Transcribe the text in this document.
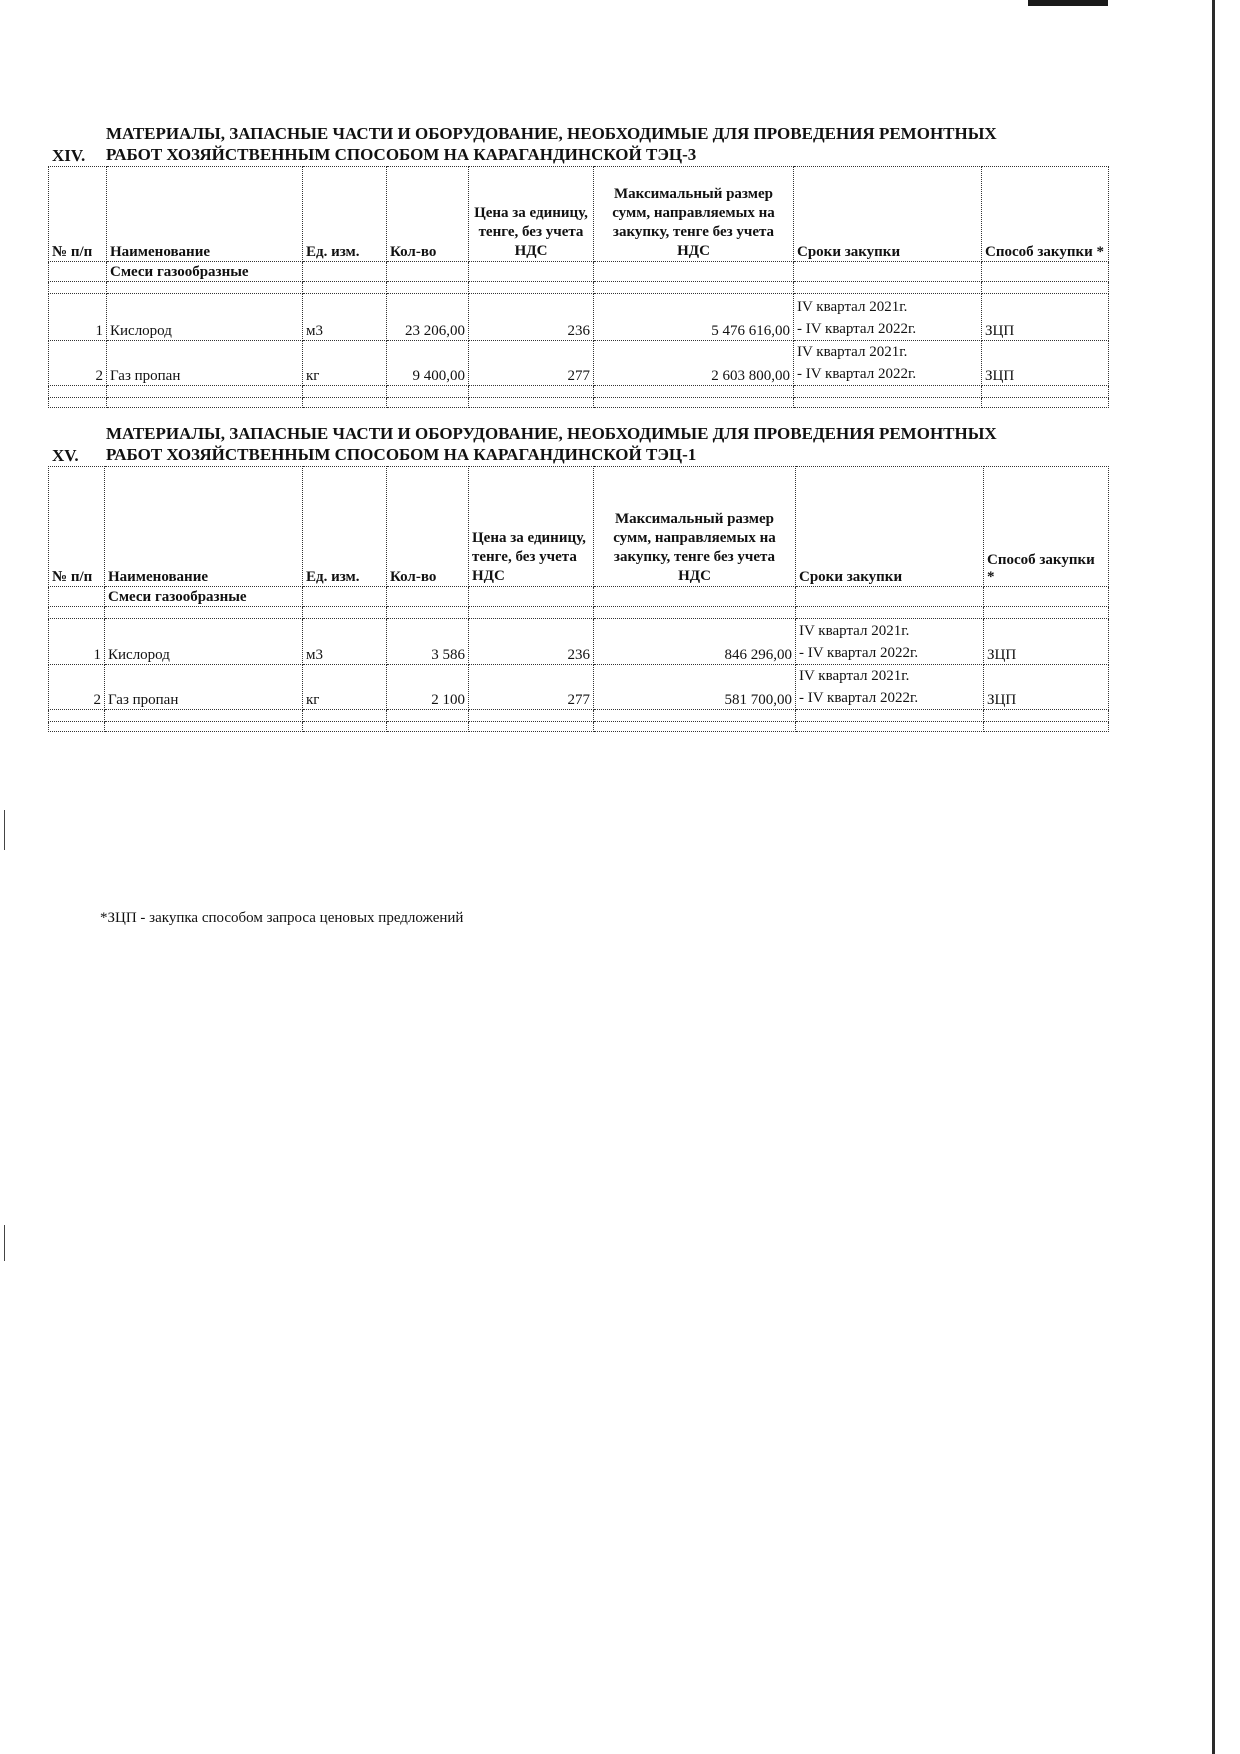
XIV.
МАТЕРИАЛЫ, ЗАПАСНЫЕ ЧАСТИ И ОБОРУДОВАНИЕ, НЕОБХОДИМЫЕ ДЛЯ ПРОВЕДЕНИЯ РЕМОНТНЫХ
РАБОТ ХОЗЯЙСТВЕННЫМ СПОСОБОМ НА КАРАГАНДИНСКОЙ ТЭЦ-3
№ п/п	Наименование	Ед. изм.	Кол-во	Цена за единицу, тенге, без учета НДС	Максимальный размер сумм, направляемых на закупку, тенге без учета НДС	Сроки закупки	Способ закупки *
	Смеси газообразные						

1	Кислород	м3	23 206,00	236	5 476 616,00	IV квартал 2021г.
- IV квартал 2022г.	ЗЦП
2	Газ пропан	кг	9 400,00	277	2 603 800,00	IV квартал 2021г.
- IV квартал 2022г.	ЗЦП

XV.
МАТЕРИАЛЫ, ЗАПАСНЫЕ ЧАСТИ И ОБОРУДОВАНИЕ, НЕОБХОДИМЫЕ ДЛЯ ПРОВЕДЕНИЯ РЕМОНТНЫХ
РАБОТ ХОЗЯЙСТВЕННЫМ СПОСОБОМ НА КАРАГАНДИНСКОЙ ТЭЦ-1
№ п/п	Наименование	Ед. изм.	Кол-во	Цена за единицу, тенге, без учета НДС	Максимальный размер сумм, направляемых на закупку, тенге без учета НДС	Сроки закупки	Способ закупки *
	Смеси газообразные						

1	Кислород	м3	3 586	236	846 296,00	IV квартал 2021г.
- IV квартал 2022г.	ЗЦП
2	Газ пропан	кг	2 100	277	581 700,00	IV квартал 2021г.
- IV квартал 2022г.	ЗЦП

*ЗЦП - закупка способом запроса ценовых предложений
